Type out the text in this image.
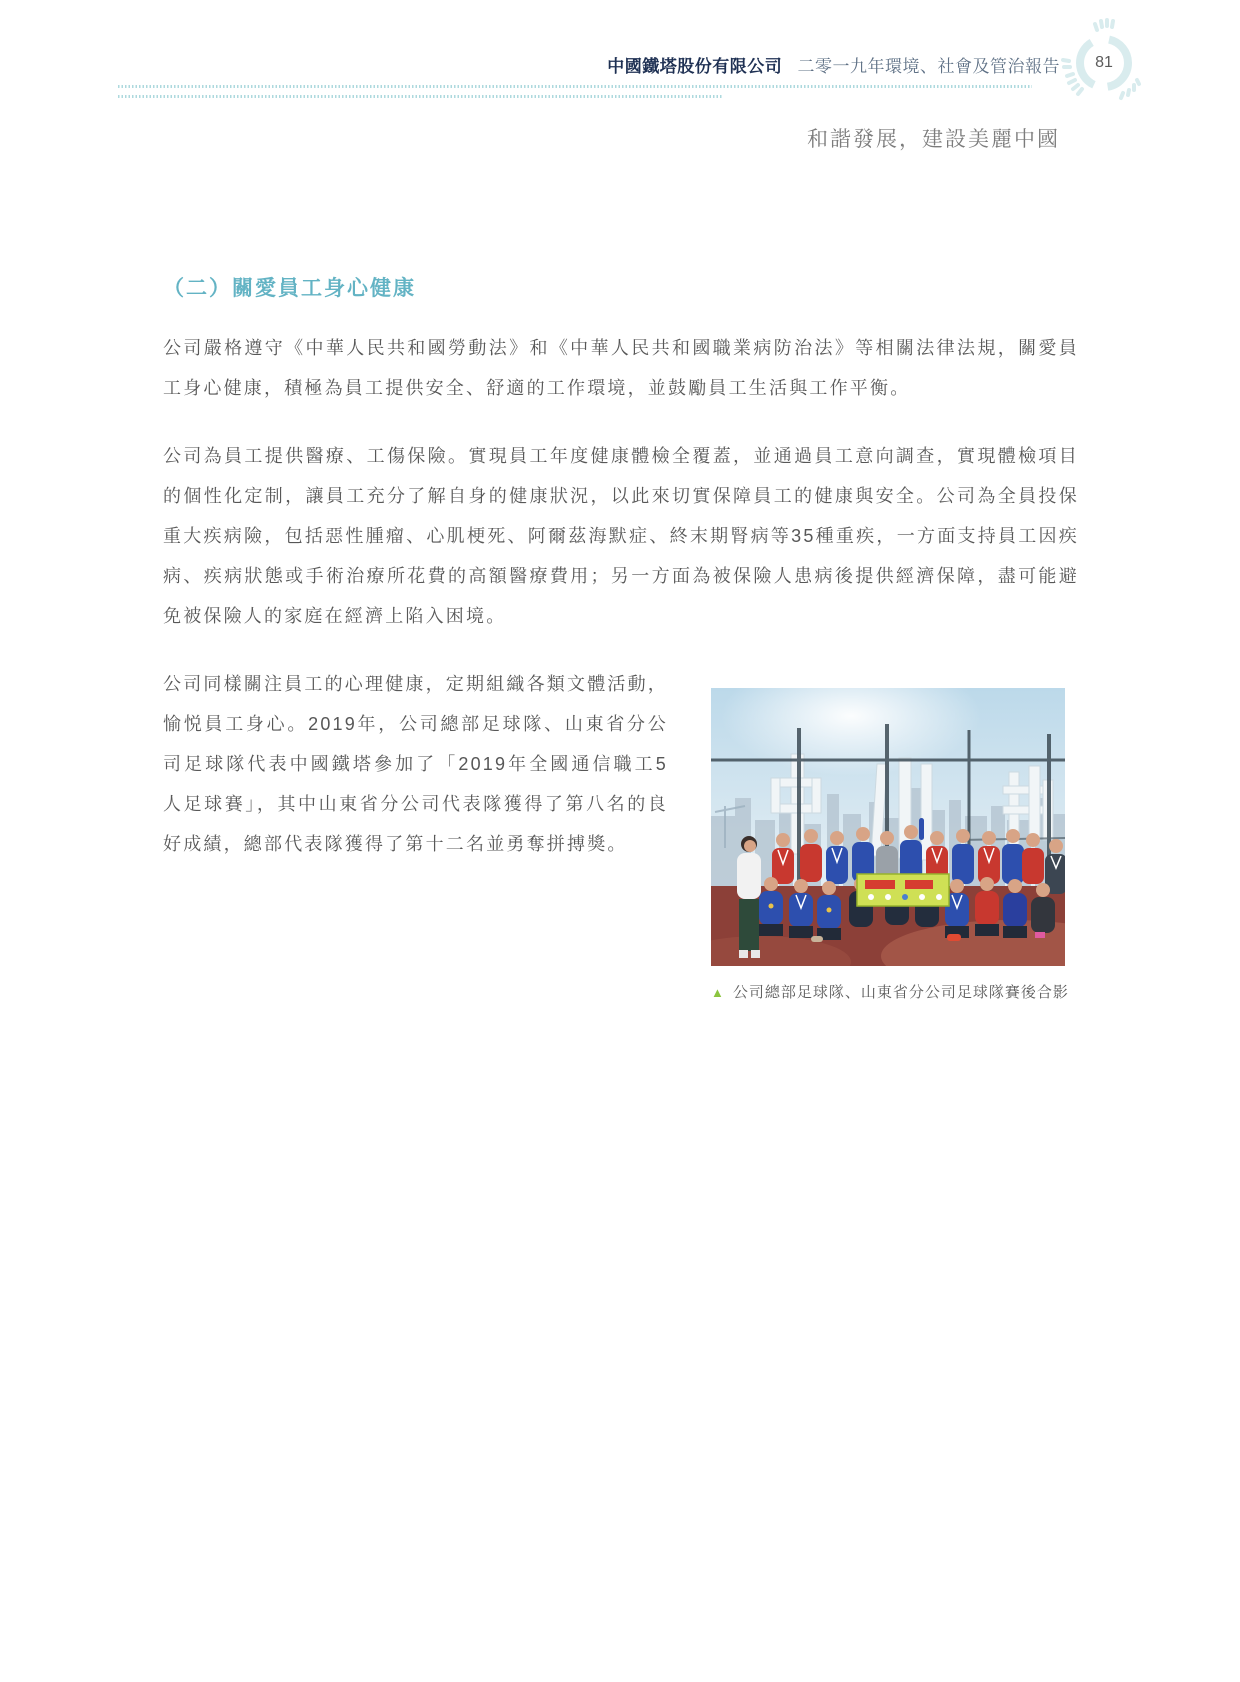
中國鐵塔股份有限公司 二零一九年環境、社會及管治報告	81
和諧發展，建設美麗中國
（二）關愛員工身心健康

公司嚴格遵守《中華人民共和國勞動法》和《中華人民共和國職業病防治法》等相關法律法規，關愛員工身心健康，積極為員工提供安全、舒適的工作環境，並鼓勵員工生活與工作平衡。

公司為員工提供醫療、工傷保險。實現員工年度健康體檢全覆蓋，並通過員工意向調查，實現體檢項目的個性化定制，讓員工充分了解自身的健康狀況，以此來切實保障員工的健康與安全。公司為全員投保重大疾病險，包括惡性腫瘤、心肌梗死、阿爾茲海默症、終末期腎病等35種重疾，一方面支持員工因疾病、疾病狀態或手術治療所花費的高額醫療費用；另一方面為被保險人患病後提供經濟保障，盡可能避免被保險人的家庭在經濟上陷入困境。

公司同樣關注員工的心理健康，定期組織各類文體活動，愉悦員工身心。2019年，公司總部足球隊、山東省分公司足球隊代表中國鐵塔參加了「2019年全國通信職工5人足球賽」，其中山東省分公司代表隊獲得了第八名的良好成績，總部代表隊獲得了第十二名並勇奪拼搏獎。

▲ 公司總部足球隊、山東省分公司足球隊賽後合影
